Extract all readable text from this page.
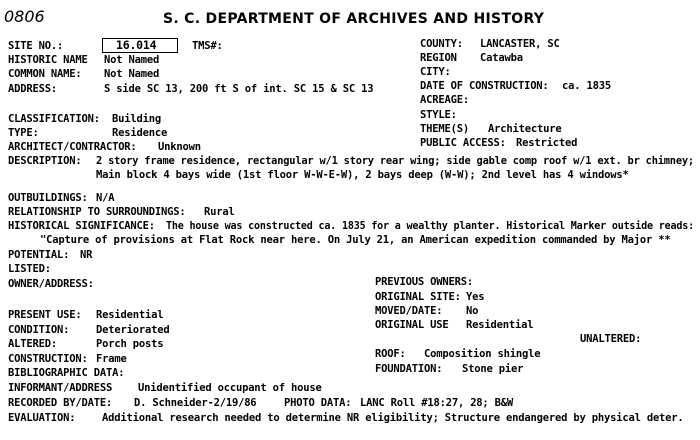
0806	S. C. DEPARTMENT OF ARCHIVES AND HISTORY
SITE NO.:	16.014	TMS#:
HISTORIC NAME Not Named
COMMON NAME: Not Named
ADDRESS:	S side SC 13, 200 ft S of int. SC 15 & SC 13
COUNTY: LANCASTER, SC
REGION Catawba
CITY:
DATE OF CONSTRUCTION: ca. 1835
ACREAGE:
STYLE:
THEME(S) Architecture
PUBLIC ACCESS: Restricted
CLASSIFICATION: Building
TYPE:	Residence
ARCHITECT/CONTRACTOR: Unknown
DESCRIPTION: 2 story frame residence, rectangular w/1 story rear wing; side gable comp roof w/1 ext. br chimney;
Main block 4 bays wide (1st floor W-W-E-W), 2 bays deep (W-W); 2nd level has 4 windows*
OUTBUILDINGS: N/A
RELATIONSHIP TO SURROUNDINGS: Rural
HISTORICAL SIGNIFICANCE: The house was constructed ca. 1835 for a wealthy planter. Historical Marker outside reads:
"Capture of provisions at Flat Rock near here. On July 21, an American expedition commanded by Major **
POTENTIAL: NR
LISTED:
OWNER/ADDRESS:	PREVIOUS OWNERS:
ORIGINAL SITE: Yes
MOVED/DATE: No
ORIGINAL USE Residential
UNALTERED:
ROOF: Composition shingle
FOUNDATION: Stone pier
PRESENT USE: Residential
CONDITION:	Deteriorated
ALTERED:	Porch posts
CONSTRUCTION: Frame
BIBLIOGRAPHIC DATA:
INFORMANT/ADDRESS Unidentified occupant of house
RECORDED BY/DATE: D. Schneider-2/19/86	PHOTO DATA: LANC Roll #18:27, 28; B&W
EVALUATION:	Additional research needed to determine NR eligibility; Structure endangered by physical deter.
